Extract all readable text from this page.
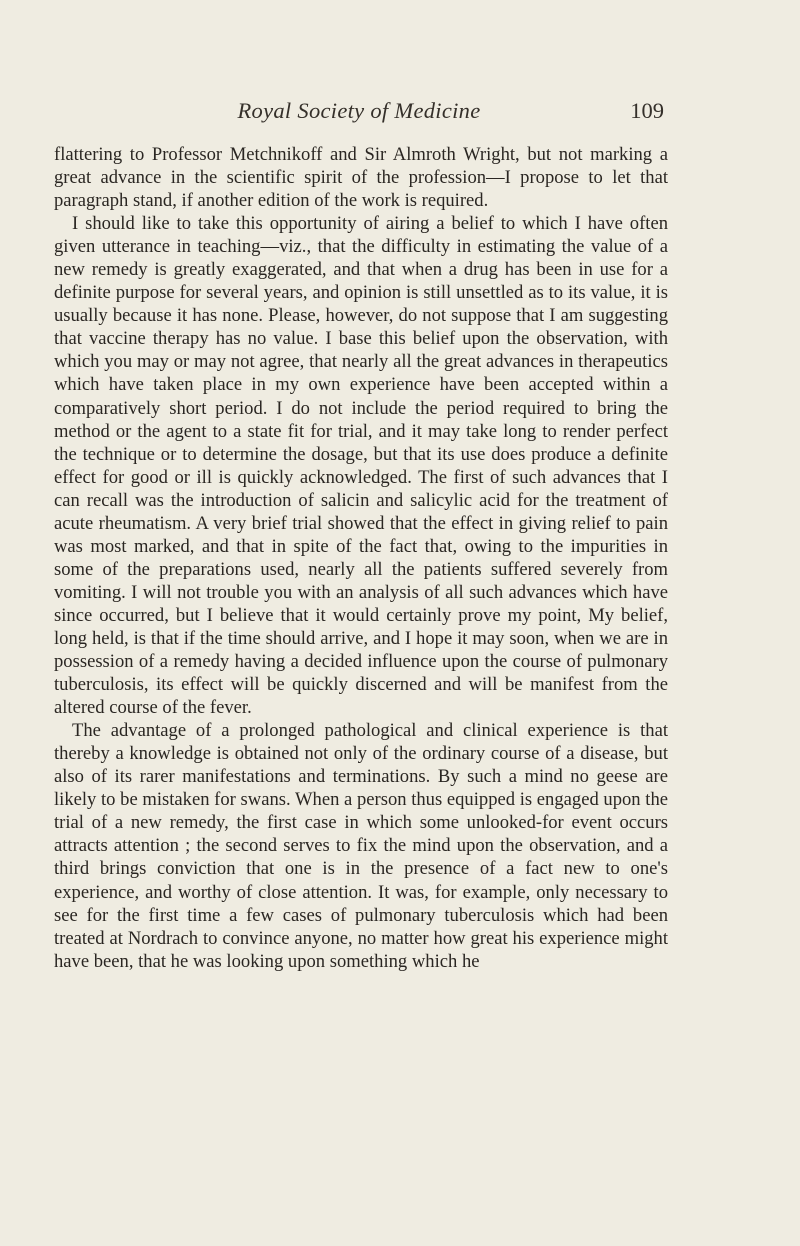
Royal Society of Medicine	109

flattering to Professor Metchnikoff and Sir Almroth Wright, but not marking a great advance in the scientific spirit of the profession—I propose to let that paragraph stand, if another edition of the work is required.

I should like to take this opportunity of airing a belief to which I have often given utterance in teaching—viz., that the difficulty in estimating the value of a new remedy is greatly exaggerated, and that when a drug has been in use for a definite purpose for several years, and opinion is still unsettled as to its value, it is usually because it has none. Please, however, do not suppose that I am suggesting that vaccine therapy has no value. I base this belief upon the observation, with which you may or may not agree, that nearly all the great advances in therapeutics which have taken place in my own experience have been accepted within a comparatively short period. I do not include the period required to bring the method or the agent to a state fit for trial, and it may take long to render perfect the technique or to determine the dosage, but that its use does produce a definite effect for good or ill is quickly acknowledged. The first of such advances that I can recall was the introduction of salicin and salicylic acid for the treatment of acute rheumatism. A very brief trial showed that the effect in giving relief to pain was most marked, and that in spite of the fact that, owing to the impurities in some of the preparations used, nearly all the patients suffered severely from vomiting. I will not trouble you with an analysis of all such advances which have since occurred, but I believe that it would certainly prove my point, My belief, long held, is that if the time should arrive, and I hope it may soon, when we are in possession of a remedy having a decided influence upon the course of pulmonary tuberculosis, its effect will be quickly discerned and will be manifest from the altered course of the fever.

The advantage of a prolonged pathological and clinical experience is that thereby a knowledge is obtained not only of the ordinary course of a disease, but also of its rarer manifestations and terminations. By such a mind no geese are likely to be mistaken for swans. When a person thus equipped is engaged upon the trial of a new remedy, the first case in which some unlooked-for event occurs attracts attention ; the second serves to fix the mind upon the observation, and a third brings conviction that one is in the presence of a fact new to one's experience, and worthy of close attention. It was, for example, only necessary to see for the first time a few cases of pulmonary tuberculosis which had been treated at Nordrach to convince anyone, no matter how great his experience might have been, that he was looking upon something which he
